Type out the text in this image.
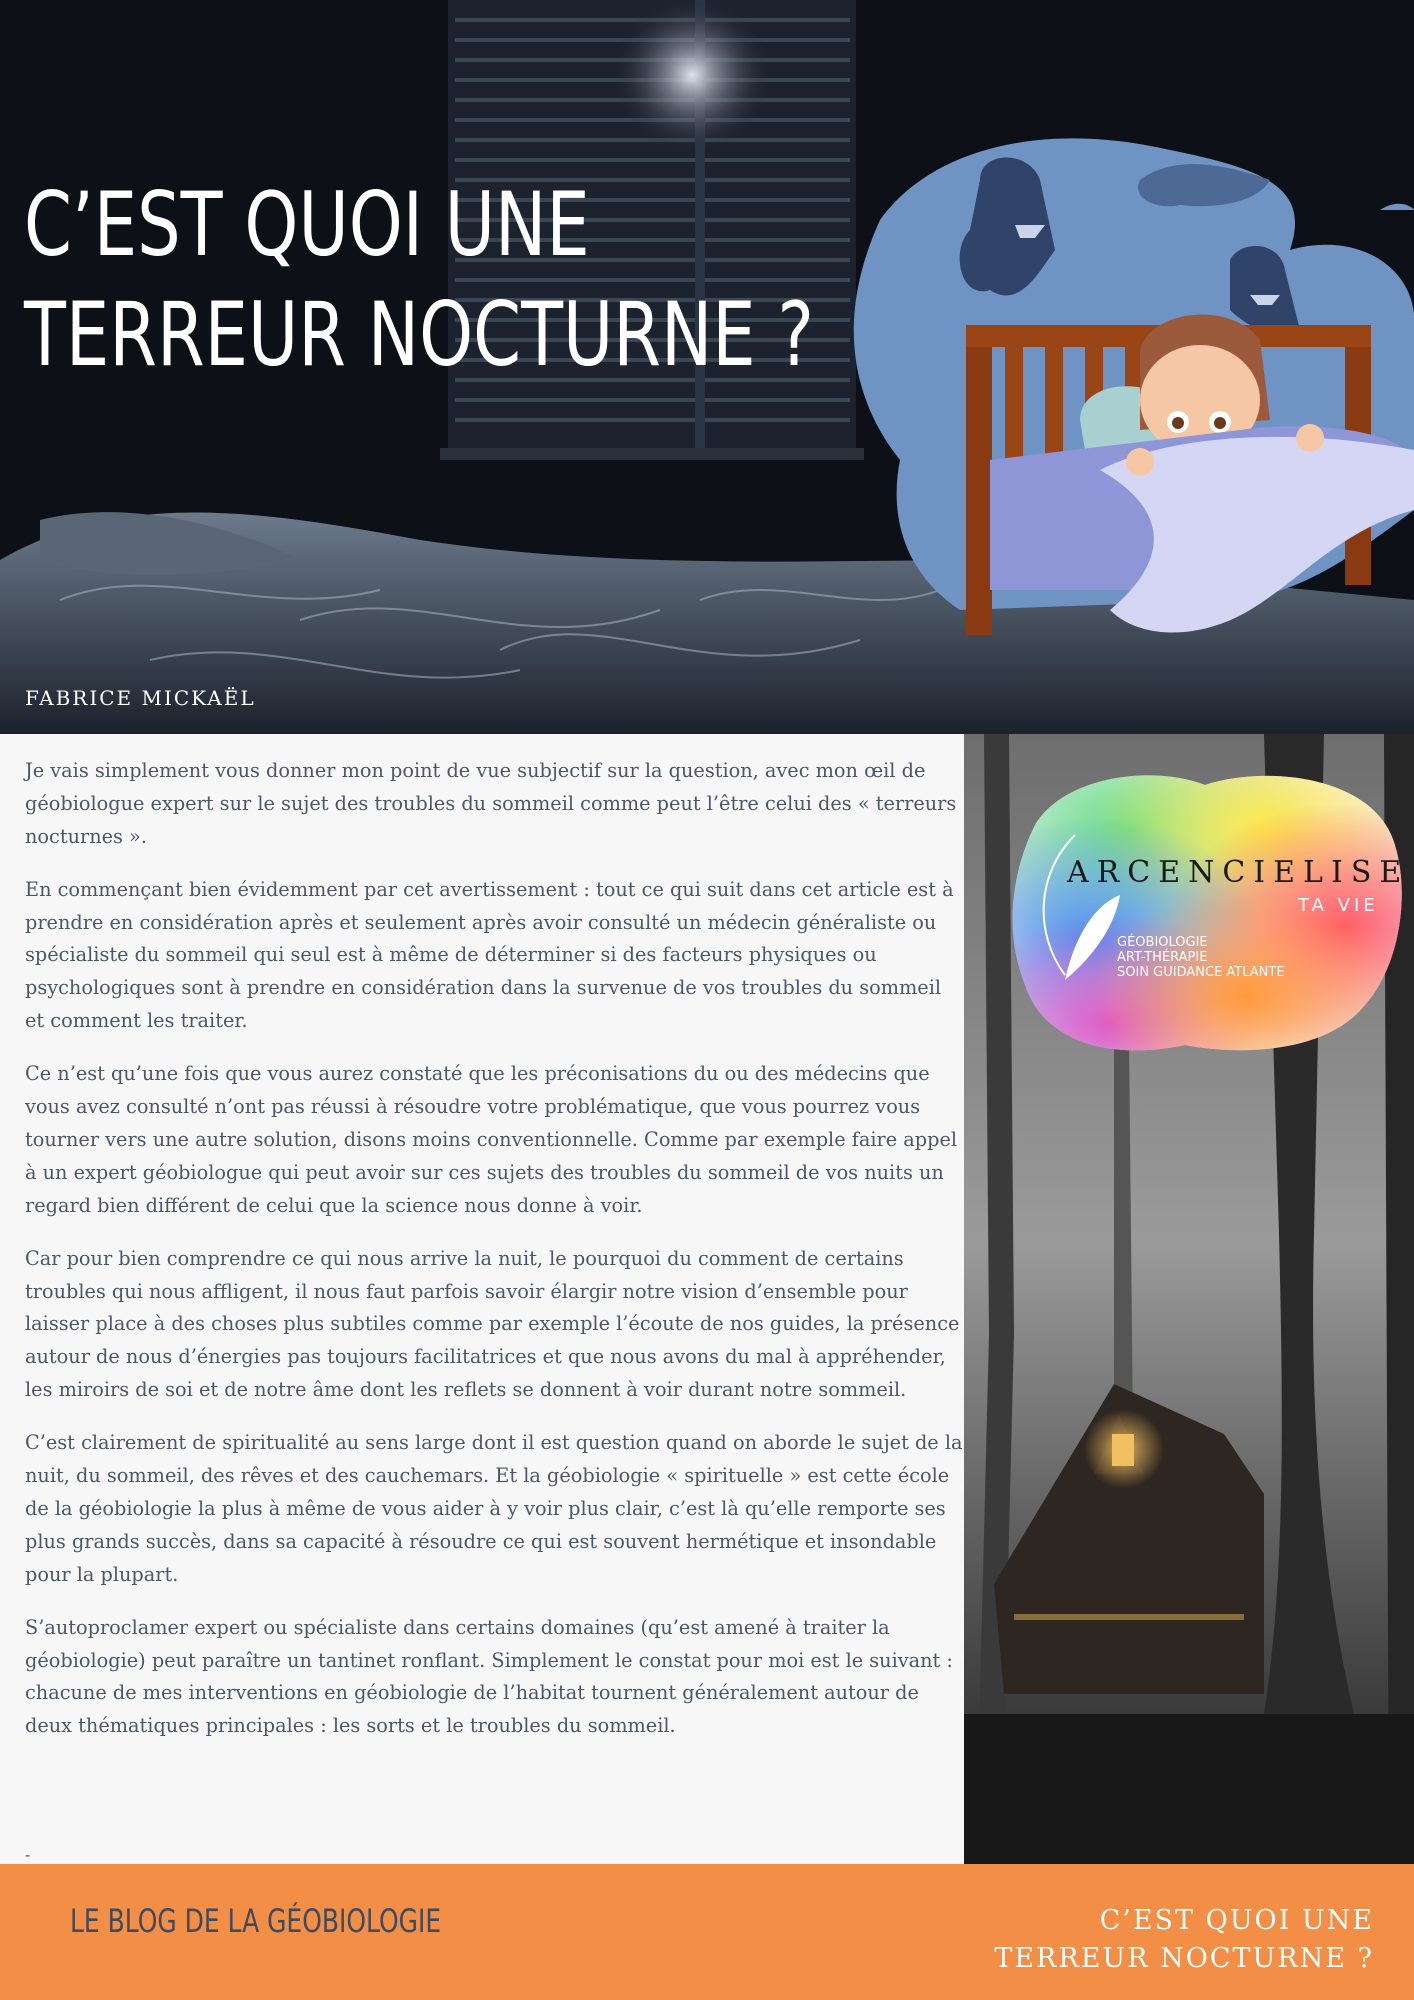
C’EST QUOI UNE
TERREUR NOCTURNE ?
FABRICE MICKAËL

Je vais simplement vous donner mon point de vue subjectif sur la question, avec mon œil de géobiologue expert sur le sujet des troubles du sommeil comme peut l’être celui des « terreurs nocturnes ».

En commençant bien évidemment par cet avertissement : tout ce qui suit dans cet article est à prendre en considération après et seulement après avoir consulté un médecin généraliste ou spécialiste du sommeil qui seul est à même de déterminer si des facteurs physiques ou psychologiques sont à prendre en considération dans la survenue de vos troubles du sommeil et comment les traiter.

Ce n’est qu’une fois que vous aurez constaté que les préconisations du ou des médecins que vous avez consulté n’ont pas réussi à résoudre votre problématique, que vous pourrez vous tourner vers une autre solution, disons moins conventionnelle. Comme par exemple faire appel à un expert géobiologue qui peut avoir sur ces sujets des troubles du sommeil de vos nuits un regard bien différent de celui que la science nous donne à voir.

Car pour bien comprendre ce qui nous arrive la nuit, le pourquoi du comment de certains troubles qui nous affligent, il nous faut parfois savoir élargir notre vision d’ensemble pour laisser place à des choses plus subtiles comme par exemple l’écoute de nos guides, la présence autour de nous d’énergies pas toujours facilitatrices et que nous avons du mal à appréhender, les miroirs de soi et de notre âme dont les reflets se donnent à voir durant notre sommeil.

C’est clairement de spiritualité au sens large dont il est question quand on aborde le sujet de la nuit, du sommeil, des rêves et des cauchemars. Et la géobiologie « spirituelle » est cette école de la géobiologie la plus à même de vous aider à y voir plus clair, c’est là qu’elle remporte ses plus grands succès, dans sa capacité à résoudre ce qui est souvent hermétique et insondable pour la plupart.

S’autoproclamer expert ou spécialiste dans certains domaines (qu’est amené à traiter la géobiologie) peut paraître un tantinet ronflant. Simplement le constat pour moi est le suivant : chacune de mes interventions en géobiologie de l’habitat tournent généralement autour de deux thématiques principales : les sorts et le troubles du sommeil.

-
ARCENCIELISE
TA VIE
GÉOBIOLOGIE
ART-THÉRAPIE
SOIN GUIDANCE ATLANTE
LE BLOG DE LA GÉOBIOLOGIE	C’EST QUOI UNE
TERREUR NOCTURNE ?
